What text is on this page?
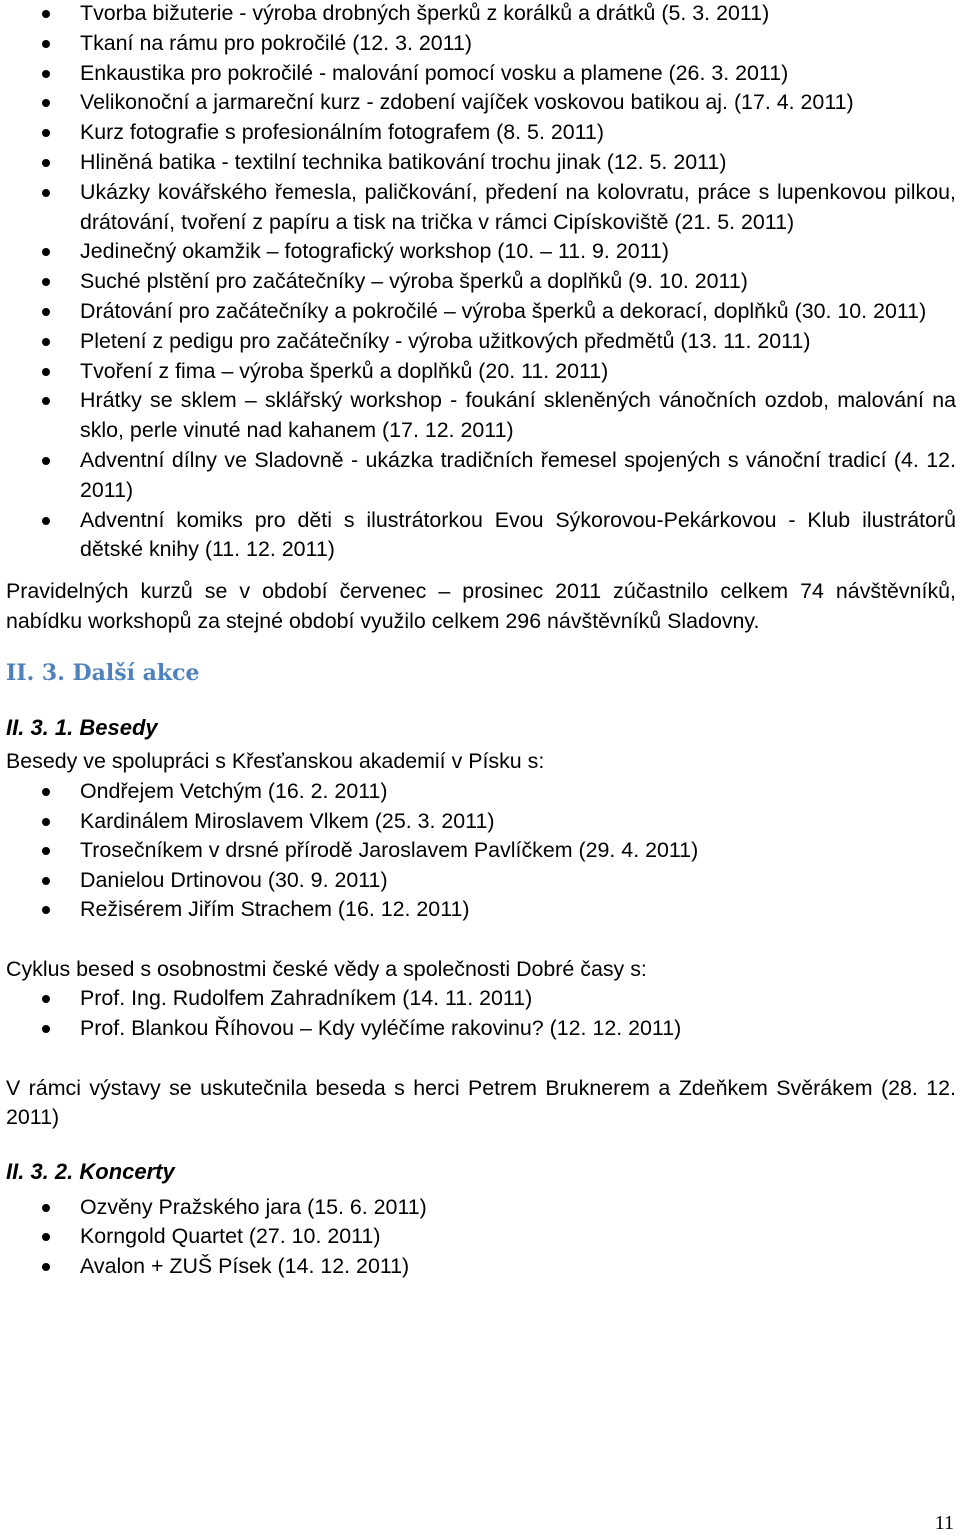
Tvorba bižuterie - výroba drobných šperků z korálků a drátků (5. 3. 2011)
Tkaní na rámu pro pokročilé (12. 3. 2011)
Enkaustika pro pokročilé - malování pomocí vosku a plamene (26. 3. 2011)
Velikonoční a jarmareční kurz - zdobení vajíček voskovou batikou aj. (17. 4. 2011)
Kurz fotografie s profesionálním fotografem (8. 5. 2011)
Hliněná batika - textilní technika batikování trochu jinak (12. 5. 2011)
Ukázky kovářského řemesla, paličkování, předení na kolovratu, práce s lupenkovou pilkou, drátování, tvoření z papíru a tisk na trička v rámci Cipískoviště (21. 5. 2011)
Jedinečný okamžik – fotografický workshop (10. – 11. 9. 2011)
Suché plstění pro začátečníky – výroba šperků a doplňků (9. 10. 2011)
Drátování pro začátečníky a pokročilé – výroba šperků a dekorací, doplňků (30. 10. 2011)
Pletení z pedigu pro začátečníky - výroba užitkových předmětů (13. 11. 2011)
Tvoření z fima – výroba šperků a doplňků (20. 11. 2011)
Hrátky se sklem – sklářský workshop - foukání skleněných vánočních ozdob, malování na sklo, perle vinuté nad kahanem (17. 12. 2011)
Adventní dílny ve Sladovně - ukázka tradičních řemesel spojených s vánoční tradicí (4. 12. 2011)
Adventní komiks pro děti s ilustrátorkou Evou Sýkorovou-Pekárkovou - Klub ilustrátorů dětské knihy (11. 12. 2011)

Pravidelných kurzů se v období červenec – prosinec 2011 zúčastnilo celkem 74 návštěvníků, nabídku workshopů za stejné období využilo celkem 296 návštěvníků Sladovny.

II. 3. Další akce
II. 3. 1. Besedy

Besedy ve spolupráci s Křesťanskou akademií v Písku s:

Ondřejem Vetchým (16. 2. 2011)
Kardinálem Miroslavem Vlkem (25. 3. 2011)
Trosečníkem v drsné přírodě Jaroslavem Pavlíčkem (29. 4. 2011)
Danielou Drtinovou (30. 9. 2011)
Režisérem Jiřím Strachem (16. 12. 2011)

Cyklus besed s osobnostmi české vědy a společnosti Dobré časy s:

Prof. Ing. Rudolfem Zahradníkem (14. 11. 2011)
Prof. Blankou Říhovou – Kdy vyléčíme rakovinu? (12. 12. 2011)

V rámci výstavy se uskutečnila beseda s herci Petrem Bruknerem a Zdeňkem Svěrákem (28. 12. 2011)

II. 3. 2. Koncerty
Ozvěny Pražského jara (15. 6. 2011)
Korngold Quartet (27. 10. 2011)
Avalon + ZUŠ Písek (14. 12. 2011)
11
